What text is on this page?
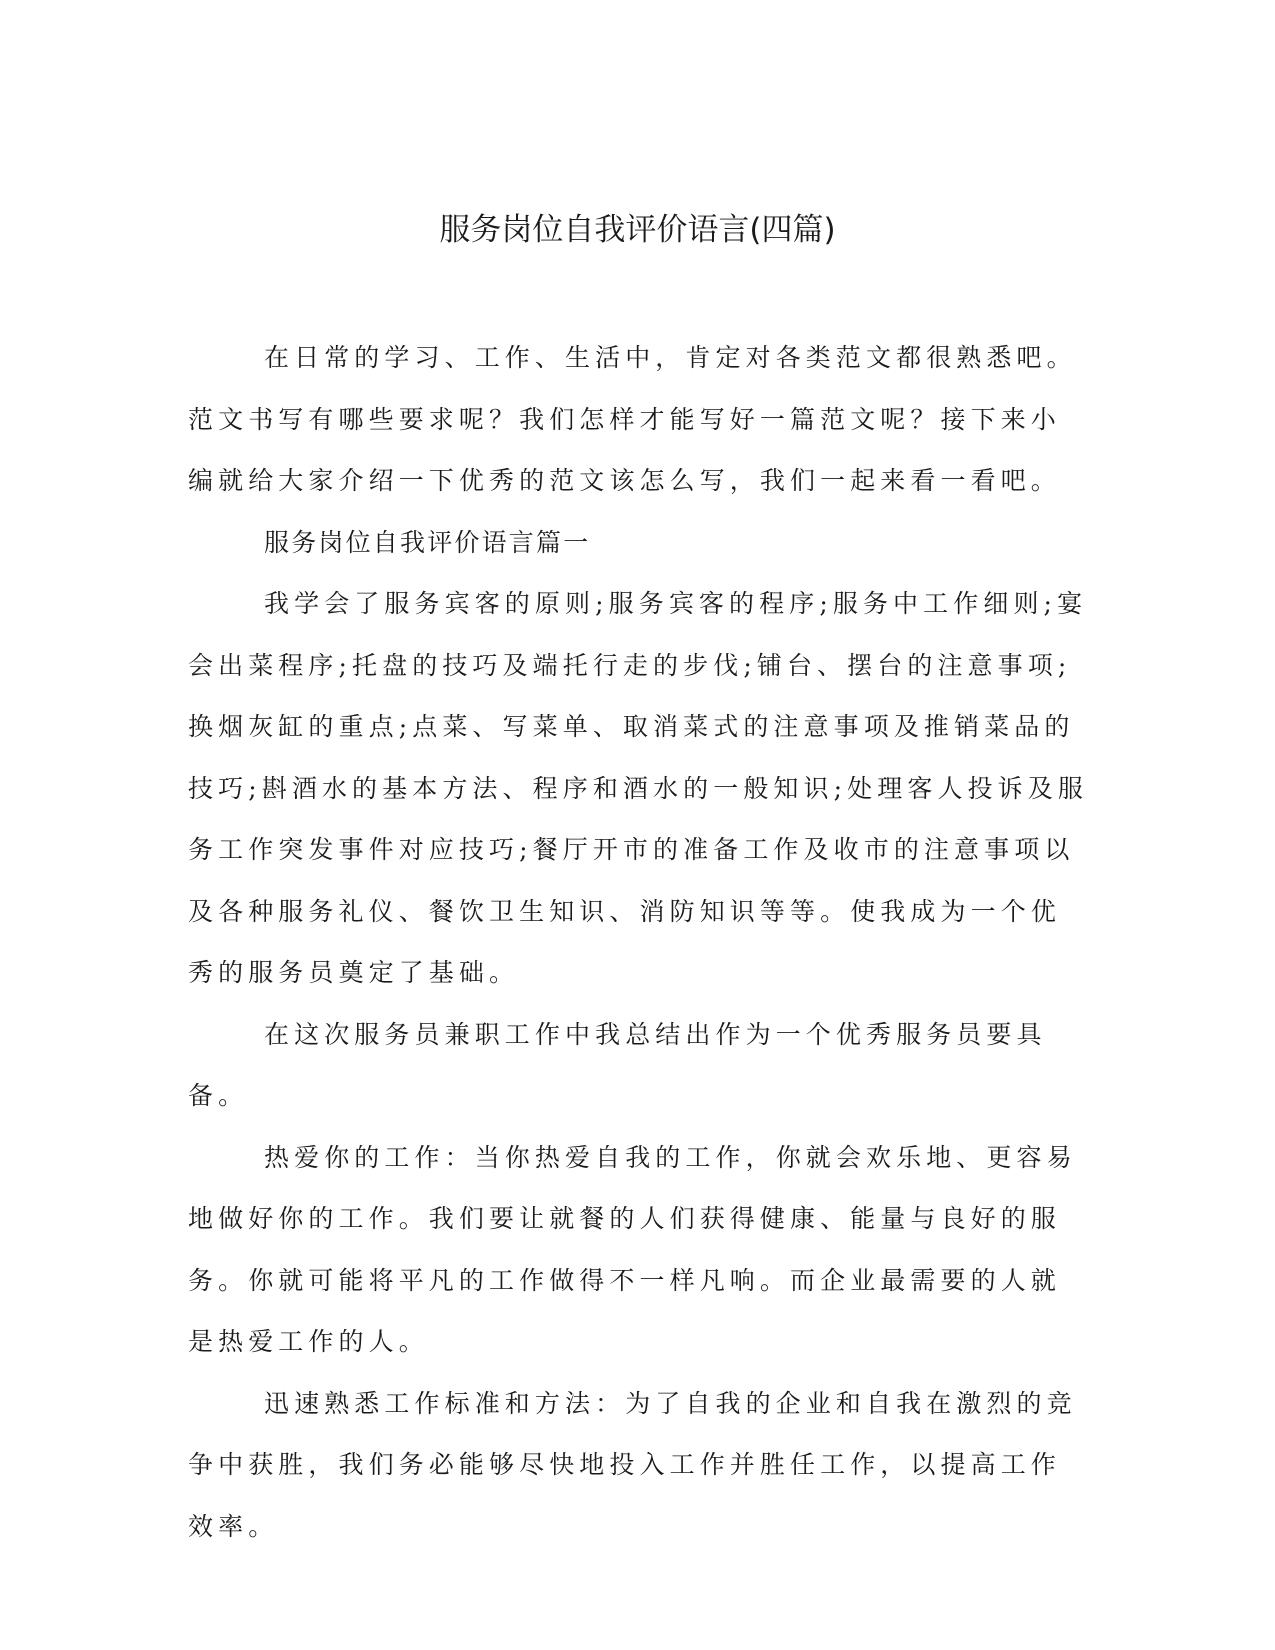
服务岗位自我评价语言(四篇)

在日常的学习、工作、生活中，肯定对各类范文都很熟悉吧。范文书写有哪些要求呢？我们怎样才能写好一篇范文呢？接下来小编就给大家介绍一下优秀的范文该怎么写，我们一起来看一看吧。

服务岗位自我评价语言篇一

我学会了服务宾客的原则;服务宾客的程序;服务中工作细则;宴会出菜程序;托盘的技巧及端托行走的步伐;铺台、摆台的注意事项;换烟灰缸的重点;点菜、写菜单、取消菜式的注意事项及推销菜品的技巧;斟酒水的基本方法、程序和酒水的一般知识;处理客人投诉及服务工作突发事件对应技巧;餐厅开市的准备工作及收市的注意事项以及各种服务礼仪、餐饮卫生知识、消防知识等等。使我成为一个优秀的服务员奠定了基础。

在这次服务员兼职工作中我总结出作为一个优秀服务员要具备。

热爱你的工作：当你热爱自我的工作，你就会欢乐地、更容易地做好你的工作。我们要让就餐的人们获得健康、能量与良好的服务。你就可能将平凡的工作做得不一样凡响。而企业最需要的人就是热爱工作的人。

迅速熟悉工作标准和方法：为了自我的企业和自我在激烈的竞争中获胜，我们务必能够尽快地投入工作并胜任工作，以提高工作效率。
